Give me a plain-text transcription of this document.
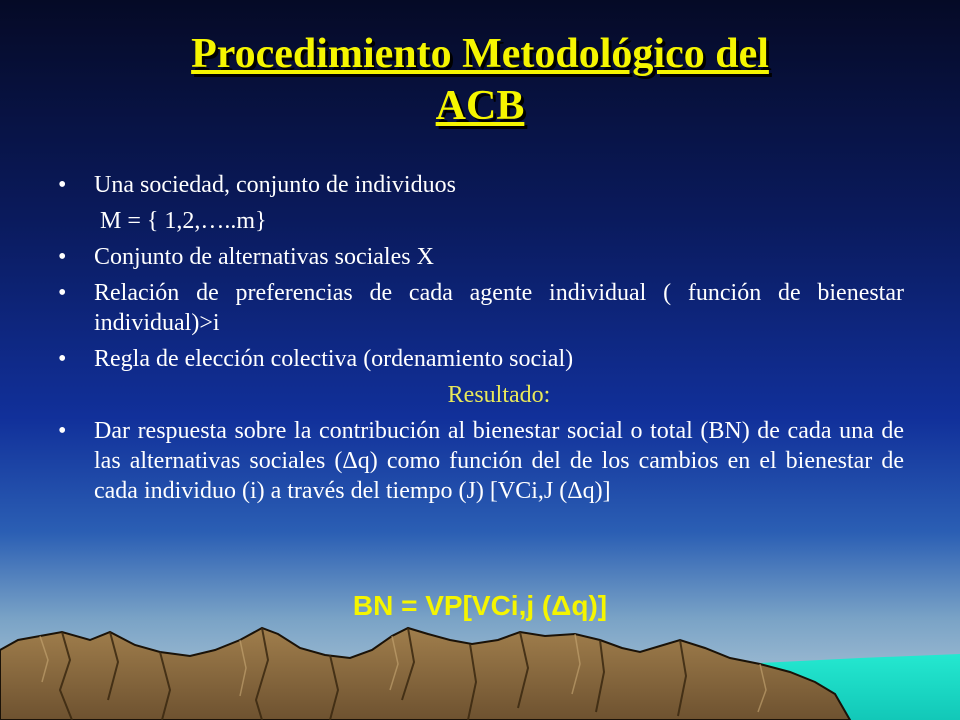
Procedimiento Metodológico del
ACB
• Una sociedad, conjunto de individuos
M = { 1,2,…..m}
• Conjunto de alternativas sociales X
• Relación de preferencias de cada agente individual ( función de bienestar individual)>i
• Regla de elección colectiva (ordenamiento social)
Resultado:
• Dar respuesta sobre la contribución al bienestar social o total (BN) de cada una de las alternativas sociales (Δq) como función del de los cambios en el bienestar de cada individuo (i) a través del tiempo (J) [VCi,J (Δq)]
BN = VP[VCi,j (Δq)]
